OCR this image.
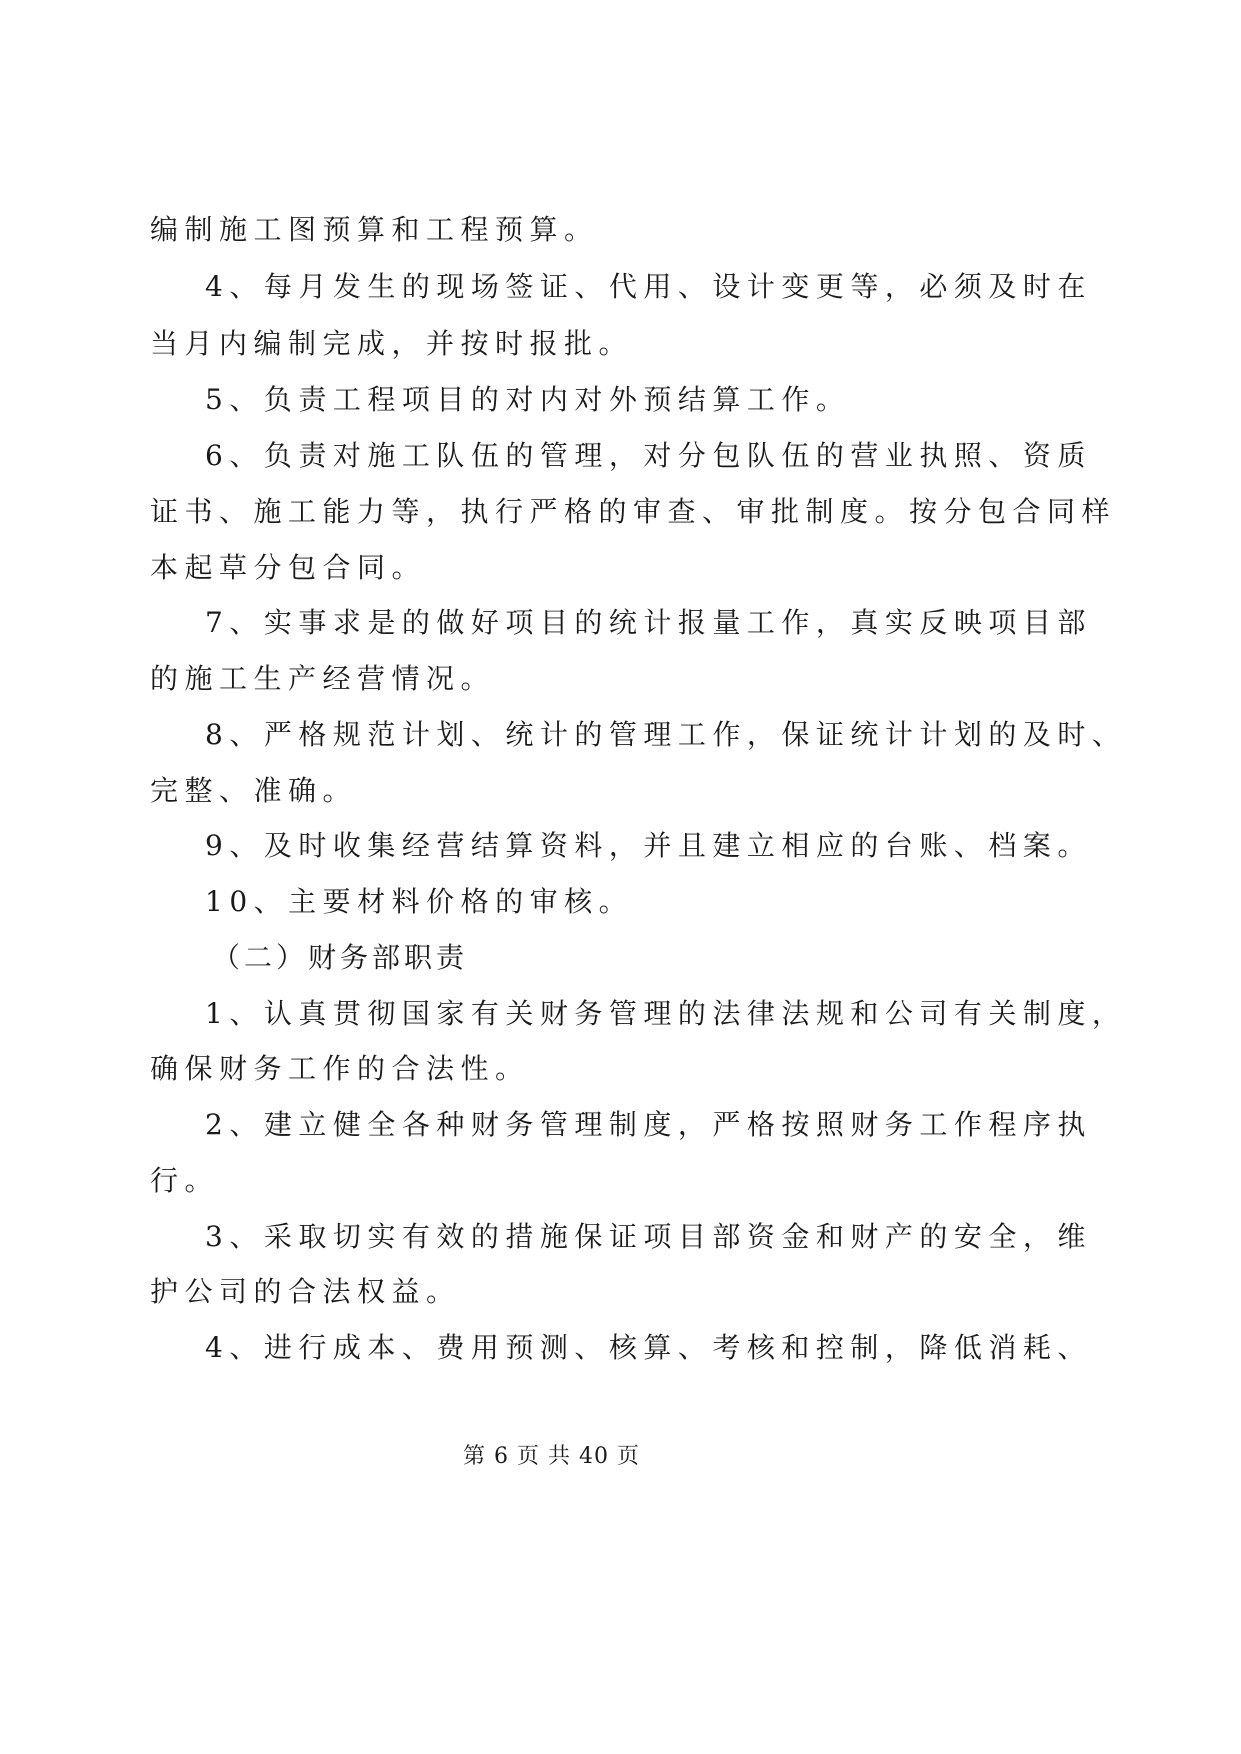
编制施工图预算和工程预算。
4、每月发生的现场签证、代用、设计变更等，必须及时在
当月内编制完成，并按时报批。
5、负责工程项目的对内对外预结算工作。
6、负责对施工队伍的管理，对分包队伍的营业执照、资质
证书、施工能力等，执行严格的审查、审批制度。按分包合同样
本起草分包合同。
7、实事求是的做好项目的统计报量工作，真实反映项目部
的施工生产经营情况。
8、严格规范计划、统计的管理工作，保证统计计划的及时、
完整、准确。
9、及时收集经营结算资料，并且建立相应的台账、档案。
10、主要材料价格的审核。
（二）财务部职责
1、认真贯彻国家有关财务管理的法律法规和公司有关制度，
确保财务工作的合法性。
2、建立健全各种财务管理制度，严格按照财务工作程序执
行。
3、采取切实有效的措施保证项目部资金和财产的安全，维
护公司的合法权益。
4、进行成本、费用预测、核算、考核和控制，降低消耗、
第 6 页 共 40 页
